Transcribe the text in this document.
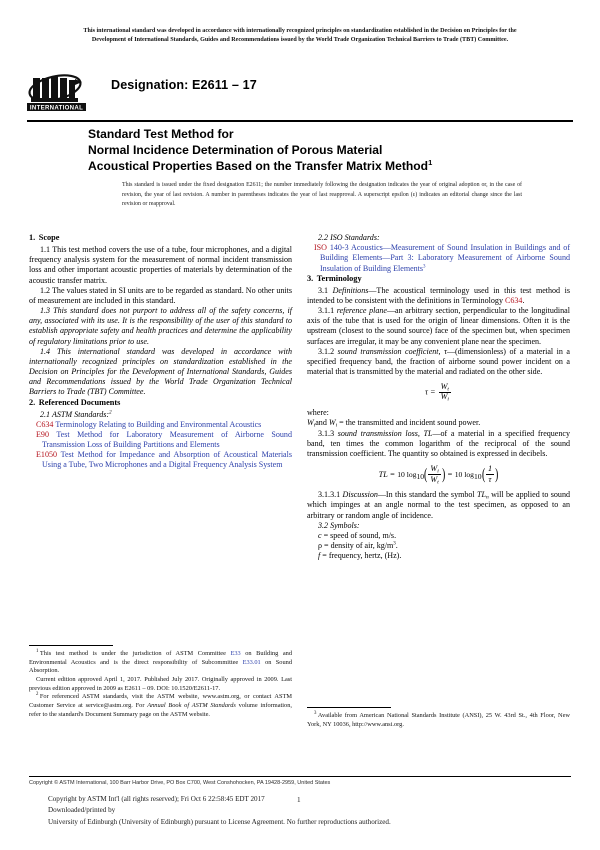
This international standard was developed in accordance with internationally recognized principles on standardization established in the Decision on Principles for the
Development of International Standards, Guides and Recommendations issued by the World Trade Organization Technical Barriers to Trade (TBT) Committee.
INTERNATIONAL
Designation: E2611 – 17
Standard Test Method for
Normal Incidence Determination of Porous Material
Acoustical Properties Based on the Transfer Matrix Method$^1$
This standard is issued under the fixed designation E2611; the number immediately following the designation indicates the year of original adoption or, in the case of revision, the year of last revision. A number in parentheses indicates the year of last reapproval. A superscript epsilon (ε) indicates an editorial change since the last revision or reapproval.
1. Scope

1.1 This test method covers the use of a tube, four microphones, and a digital frequency analysis system for the measurement of normal incident transmission loss and other important acoustic properties of materials by determination of the acoustic transfer matrix.

1.2 The values stated in SI units are to be regarded as standard. No other units of measurement are included in this standard.

1.3 This standard does not purport to address all of the safety concerns, if any, associated with its use. It is the responsibility of the user of this standard to establish appropriate safety and health practices and determine the applicability of regulatory limitations prior to use.

1.4 This international standard was developed in accordance with internationally recognized principles on standardization established in the Decision on Principles for the Development of International Standards, Guides and Recommendations issued by the World Trade Organization Technical Barriers to Trade (TBT) Committee.

2. Referenced Documents

2.1 ASTM Standards:$^2$

C634 Terminology Relating to Building and Environmental Acoustics

E90 Test Method for Laboratory Measurement of Airborne Sound Transmission Loss of Building Partitions and Elements

E1050 Test Method for Impedance and Absorption of Acoustical Materials Using a Tube, Two Microphones and a Digital Frequency Analysis System

2.2 ISO Standards:

ISO 140-3 Acoustics—Measurement of Sound Insulation in Buildings and of Building Elements—Part 3: Laboratory Measurement of Airborne Sound Insulation of Building Elements$^3$

3. Terminology

3.1 Definitions—The acoustical terminology used in this test method is intended to be consistent with the definitions in Terminology C634.

3.1.1 reference plane—an arbitrary section, perpendicular to the longitudinal axis of the tube that is used for the origin of linear dimensions. Often it is the upstream (closest to the sound source) face of the specimen but, when specimen surfaces are irregular, it may be any convenient plane near the specimen.

3.1.2 sound transmission coefficient, τ—(dimensionless) of a material in a specified frequency band, the fraction of airborne sound power incident on a material that is transmitted by the material and radiated on the other side.

$\tau = \frac{Wt}{Wi}$

where:

Wtand Wi = the transmitted and incident sound power.

3.1.3 sound transmission loss, TL—of a material in a specified frequency band, ten times the common logarithm of the reciprocal of the sound transmission coefficient. The quantity so obtained is expressed in decibels.

TL = 10 $\log 10( \frac{Wi}{Wt}$ ) = 10 $\log 10( \frac{1}{\tau}$ )

3.1.3.1 Discussion—In this standard the symbol TLn will be applied to sound which impinges at an angle normal to the test specimen, as opposed to an arbitrary or random angle of incidence.

3.2 Symbols:

c = speed of sound, m/s.

ρ = density of air, $kg/m^3$.

f = frequency, hertz, (Hz).

$^1$ This test method is under the jurisdiction of ASTM Committee E33 on Building and Environmental Acoustics and is the direct responsibility of Subcommittee E33.01 on Sound Absorption.

Current edition approved April 1, 2017. Published July 2017. Originally approved in 2009. Last previous edition approved in 2009 as E2611 – 09. DOI: 10.1520/E2611-17.

$^2$ For referenced ASTM standards, visit the ASTM website, www.astm.org, or contact ASTM Customer Service at service@astm.org. For Annual Book of ASTM Standards volume information, refer to the standard's Document Summary page on the ASTM website.	$^3$ Available from American National Standards Institute (ANSI), 25 W. 43rd St., 4th Floor, New York, NY 10036, http://www.ansi.org.

Copyright © ASTM International, 100 Barr Harbor Drive, PO Box C700, West Conshohocken, PA 19428-2959, United States

Copyright by ASTM Int'l (all rights reserved); Fri Oct 6 22:58:45 EDT 2017

Downloaded/printed by

University of Edinburgh (University of Edinburgh) pursuant to License Agreement. No further reproductions authorized.

1
